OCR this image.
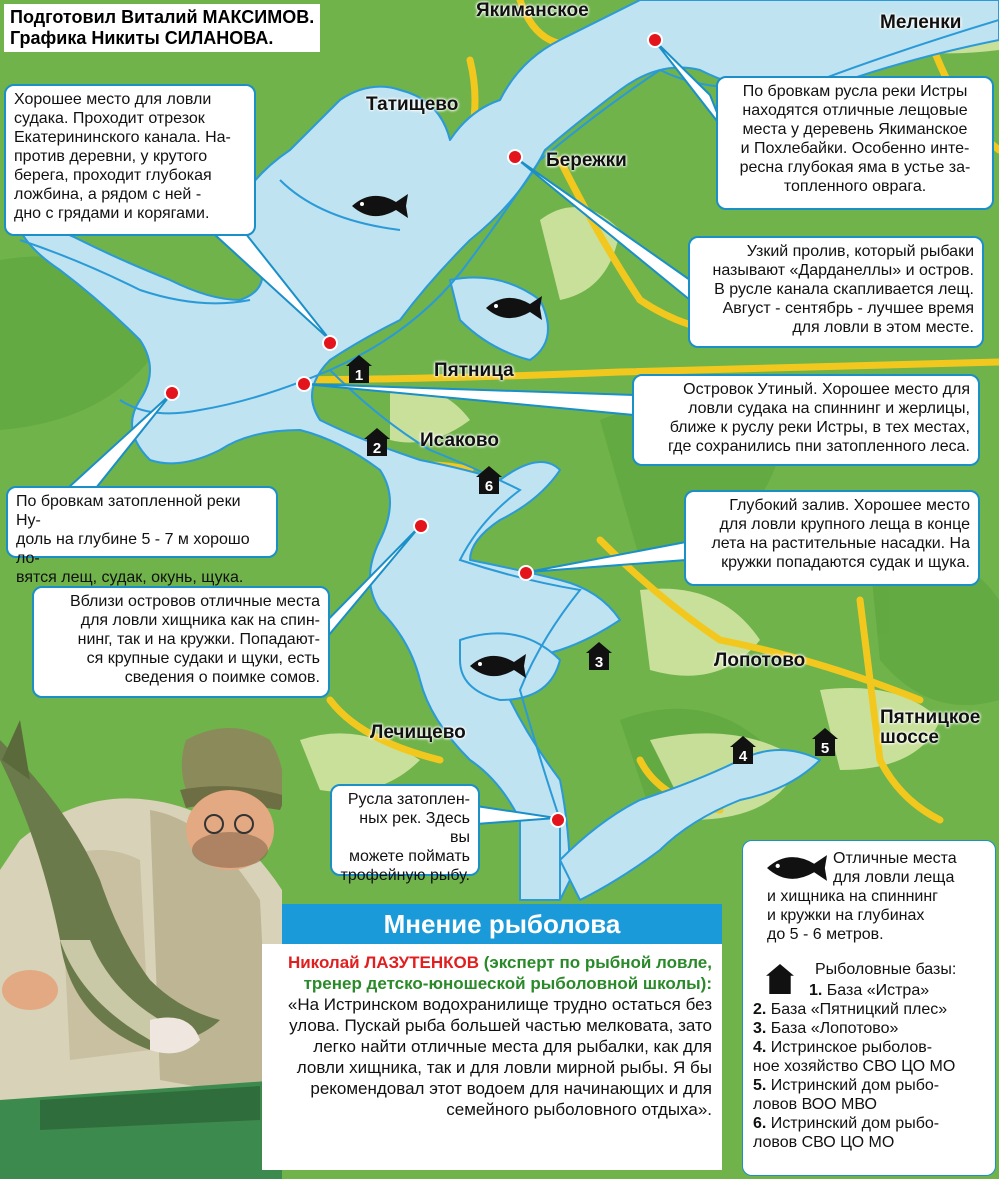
Подготовил Виталий МАКСИМОВ.
Графика Никиты СИЛАНОВА.
Якиманское
Меленки
Татищево
Бережки
Пятница
Исаково
Лопотово
Пятницкое
шоссе
Лечищево
1
2
3
4	5
6
Хорошее место для ловли
судака. Проходит отрезок
Екатерининского канала. На-
против деревни, у крутого
берега, проходит глубокая
ложбина, а рядом с ней -
дно с грядами и корягами.
По бровкам русла реки Истры
находятся отличные лещовые
места у деревень Якиманское
и Похлебайки. Особенно инте-
ресна глубокая яма в устье за-
топленного оврага.
Узкий пролив, который рыбаки
называют «Дарданеллы» и остров.
В русле канала скапливается лещ.
Август - сентябрь - лучшее время
для ловли в этом месте.
Островок Утиный. Хорошее место для
ловли судака на спиннинг и жерлицы,
ближе к руслу реки Истры, в тех местах,
где сохранились пни затопленного леса.
По бровкам затопленной реки Ну-
доль на глубине 5 - 7 м хорошо ло-
вятся лещ, судак, окунь, щука.
Глубокий залив. Хорошее место
для ловли крупного леща в конце
лета на растительные насадки. На
кружки попадаются судак и щука.
Вблизи островов отличные места
для ловли хищника как на спин-
нинг, так и на кружки. Попадают-
ся крупные судаки и щуки, есть
сведения о поимке сомов.
Русла затоплен-
ных рек. Здесь вы
можете поймать
трофейную рыбу.
Мнение рыболова
Николай ЛАЗУТЕНКОВ (эксперт по рыбной ловле, тренер детско-юношеской рыболовной школы): «На Истринском водохранилище трудно остаться без улова. Пускай рыба большей частью мелковата, зато легко найти отличные места для рыбалки, как для ловли хищника, так и для ловли мирной рыбы. Я бы рекомендовал этот водоем для начинающих и для семейного рыболовного отдыха».
Отличные места
для ловли леща
и хищника на спиннинг
и кружки на глубинах
до 5 - 6 метров.
Рыболовные базы:
1. База «Истра»
2. База «Пятницкий плес»
3. База «Лопотово»
4. Истринское рыболов-
ное хозяйство СВО ЦО МО
5. Истринский дом рыбо-
ловов ВОО МВО
6. Истринский дом рыбо-
ловов СВО ЦО МО
